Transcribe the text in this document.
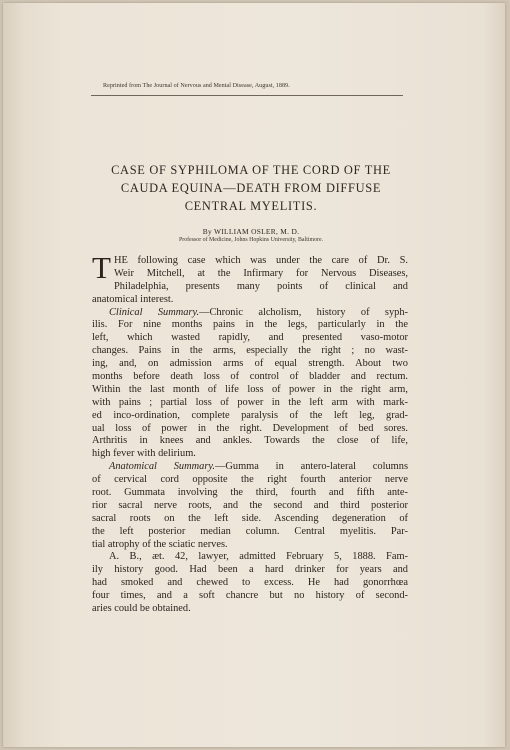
Reprinted from The Journal of Nervous and Mental Disease, August, 1889.
CASE OF SYPHILOMA OF THE CORD OF THE
CAUDA EQUINA—DEATH FROM DIFFUSE
CENTRAL MYELITIS.
By WILLIAM OSLER, M. D.
Professor of Medicine, Johns Hopkins University, Baltimore.
T HE following case which was under the care of Dr. S.
Weir Mitchell, at the Infirmary for Nervous Diseases,
Philadelphia, presents many points of clinical and
anatomical interest.
Clinical Summary.—Chronic alcholism, history of syph-
ilis. For nine months pains in the legs, particularly in the
left, which wasted rapidly, and presented vaso-motor
changes. Pains in the arms, especially the right ; no wast-
ing, and, on admission arms of equal strength. About two
months before death loss of control of bladder and rectum.
Within the last month of life loss of power in the right arm,
with pains ; partial loss of power in the left arm with mark-
ed inco-ordination, complete paralysis of the left leg, grad-
ual loss of power in the right. Development of bed sores.
Arthritis in knees and ankles. Towards the close of life,
high fever with delirium.
Anatomical Summary.—Gumma in antero-lateral columns
of cervical cord opposite the right fourth anterior nerve
root. Gummata involving the third, fourth and fifth ante-
rior sacral nerve roots, and the second and third posterior
sacral roots on the left side. Ascending degeneration of
the left posterior median column. Central myelitis. Par-
tial atrophy of the sciatic nerves.
A. B., æt. 42, lawyer, admitted February 5, 1888. Fam-
ily history good. Had been a hard drinker for years and
had smoked and chewed to excess. He had gonorrhœa
four times, and a soft chancre but no history of second-
aries could be obtained.
